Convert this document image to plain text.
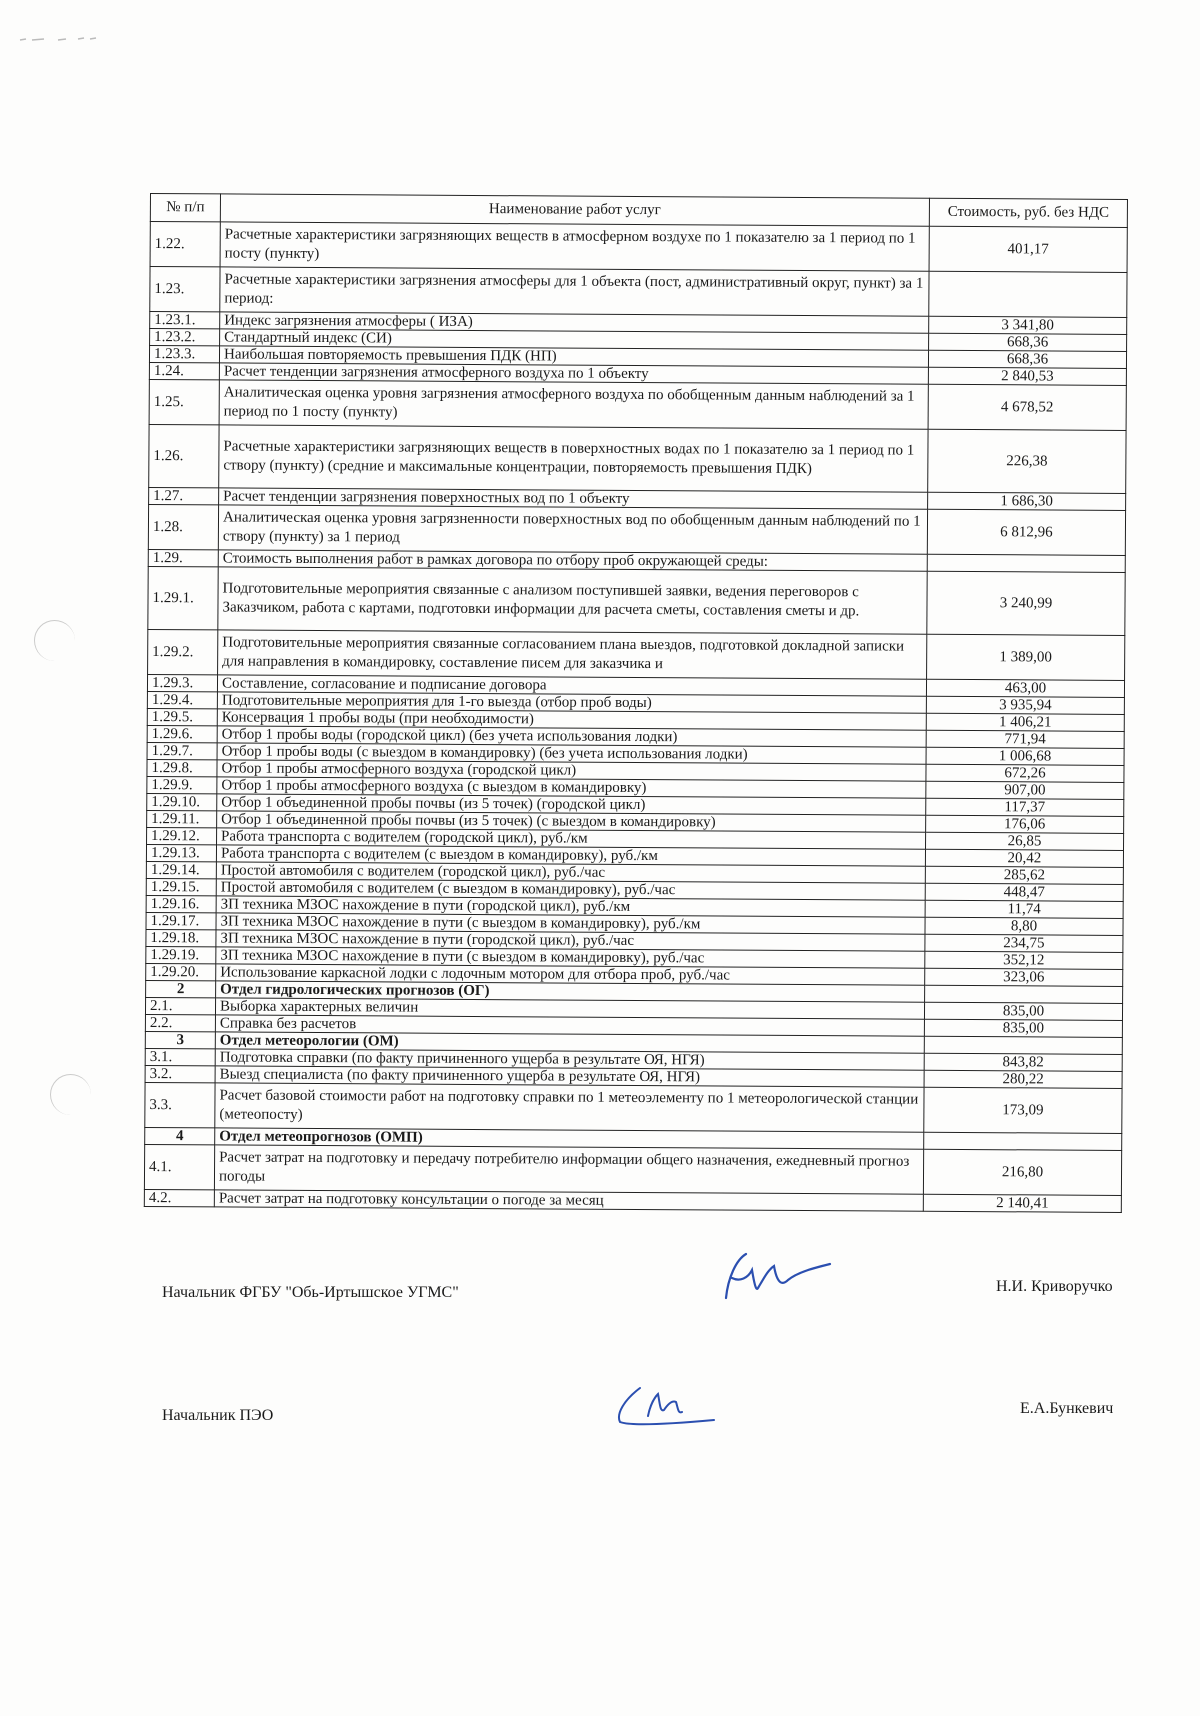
№ п/п	Наименование работ услуг	Стоимость, руб. без НДС
1.22.	Расчетные характеристики загрязняющих веществ в атмосферном воздухе по 1 показателю за 1 период по 1 посту (пункту)	401,17
1.23.	Расчетные характеристики загрязнения атмосферы для 1 объекта (пост, административный округ, пункт) за 1 период:	
1.23.1.	Индекс загрязнения атмосферы ( ИЗА)	3 341,80
1.23.2.	Стандартный индекс (СИ)	668,36
1.23.3.	Наибольшая повторяемость превышения ПДК (НП)	668,36
1.24.	Расчет тенденции загрязнения атмосферного воздуха по 1 объекту	2 840,53
1.25.	Аналитическая оценка уровня загрязнения атмосферного воздуха по обобщенным данным наблюдений за 1 период по 1 посту (пункту)	4 678,52
1.26.	Расчетные характеристики загрязняющих веществ в поверхностных водах по 1 показателю за 1 период по 1 створу (пункту) (средние и максимальные концентрации, повторяемость превышения ПДК)	226,38
1.27.	Расчет тенденции загрязнения поверхностных вод по 1 объекту	1 686,30
1.28.	Аналитическая оценка уровня загрязненности поверхностных вод по обобщенным данным наблюдений по 1 створу (пункту) за 1 период	6 812,96
1.29.	Стоимость выполнения работ в рамках договора по отбору проб окружающей среды:	
1.29.1.	Подготовительные мероприятия связанные с анализом поступившей заявки, ведения переговоров с Заказчиком, работа с картами, подготовки информации для расчета сметы, составления сметы и др.	3 240,99
1.29.2.	Подготовительные мероприятия связанные согласованием плана выездов, подготовкой докладной записки для направления в командировку, составление писем для заказчика и	1 389,00
1.29.3.	Составление, согласование и подписание договора	463,00
1.29.4.	Подготовительные мероприятия для 1-го выезда (отбор проб воды)	3 935,94
1.29.5.	Консервация 1 пробы воды (при необходимости)	1 406,21
1.29.6.	Отбор 1 пробы воды (городской цикл) (без учета использования лодки)	771,94
1.29.7.	Отбор 1 пробы воды (с выездом в командировку) (без учета использования лодки)	1 006,68
1.29.8.	Отбор 1 пробы атмосферного воздуха (городской цикл)	672,26
1.29.9.	Отбор 1 пробы атмосферного воздуха (с выездом в командировку)	907,00
1.29.10.	Отбор 1 объединенной пробы почвы (из 5 точек) (городской цикл)	117,37
1.29.11.	Отбор 1 объединенной пробы почвы (из 5 точек) (с выездом в командировку)	176,06
1.29.12.	Работа транспорта с водителем (городской цикл), руб./км	26,85
1.29.13.	Работа транспорта с водителем (с выездом в командировку), руб./км	20,42
1.29.14.	Простой автомобиля с водителем (городской цикл), руб./час	285,62
1.29.15.	Простой автомобиля с водителем (с выездом в командировку), руб./час	448,47
1.29.16.	ЗП техника МЗОС нахождение в пути (городской цикл), руб./км	11,74
1.29.17.	ЗП техника МЗОС нахождение в пути (с выездом в командировку), руб./км	8,80
1.29.18.	ЗП техника МЗОС нахождение в пути (городской цикл), руб./час	234,75
1.29.19.	ЗП техника МЗОС нахождение в пути (с выездом в командировку), руб./час	352,12
1.29.20.	Использование каркасной лодки с лодочным мотором для отбора проб, руб./час	323,06
2	Отдел гидрологических прогнозов (ОГ)	
2.1.	Выборка характерных величин	835,00
2.2.	Справка без расчетов	835,00
3	Отдел метеорологии (ОМ)	
3.1.	Подготовка справки (по факту причиненного ущерба в результате ОЯ, НГЯ)	843,82
3.2.	Выезд специалиста (по факту причиненного ущерба в результате ОЯ, НГЯ)	280,22
3.3.	Расчет базовой стоимости работ на подготовку справки по 1 метеоэлементу по 1 метеорологической станции (метеопосту)	173,09
4	Отдел метеопрогнозов (ОМП)	
4.1.	Расчет затрат на подготовку и передачу потребителю информации общего назначения, ежедневный прогноз погоды	216,80
4.2.	Расчет затрат на подготовку консультации о погоде за месяц	2 140,41
Начальник ФГБУ "Обь-Иртышское УГМС"	Н.И. Криворучко
Начальник ПЭО	Е.А.Бункевич
